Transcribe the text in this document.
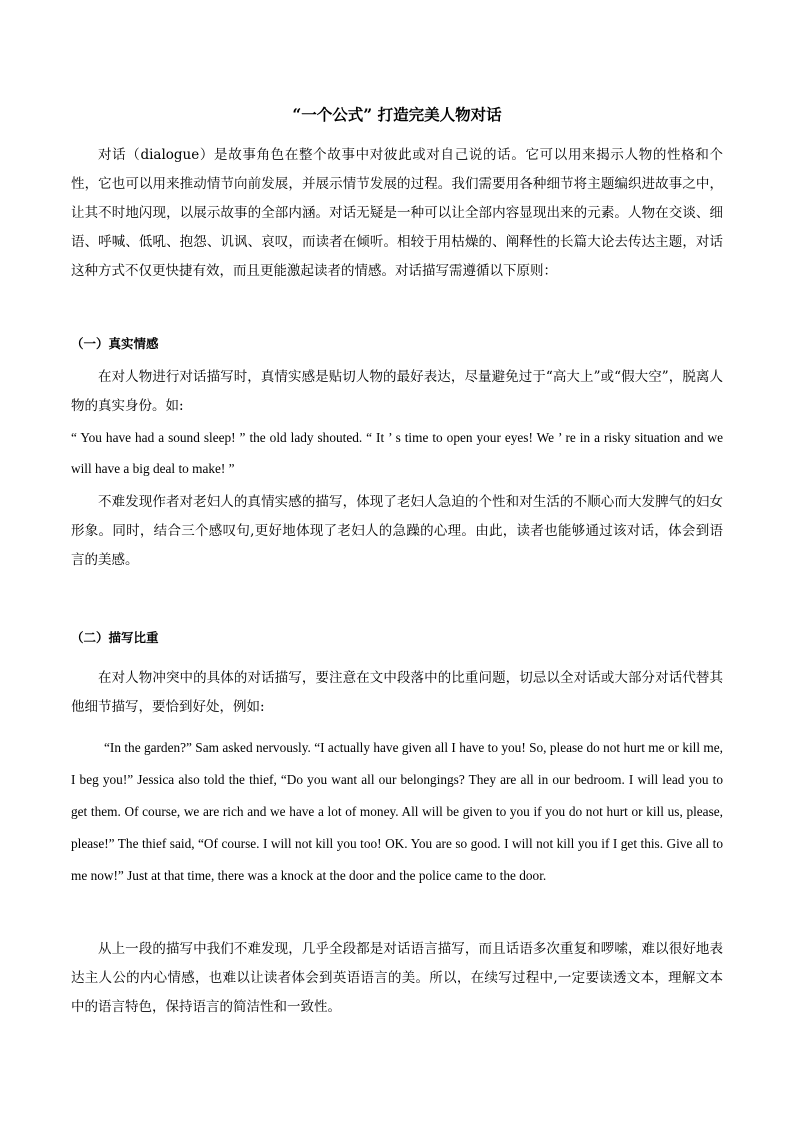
“一个公式” 打造完美人物对话
对话（dialogue）是故事角色在整个故事中对彼此或对自己说的话。它可以用来揭示人物的性格和个性，它也可以用来推动情节向前发展，并展示情节发展的过程。我们需要用各种细节将主题编织进故事之中，让其不时地闪现，以展示故事的全部内涵。对话无疑是一种可以让全部内容显现出来的元素。人物在交谈、细语、呼喊、低吼、抱怨、讥讽、哀叹，而读者在倾听。相较于用枯燥的、阐释性的长篇大论去传达主题，对话这种方式不仅更快捷有效，而且更能激起读者的情感。对话描写需遵循以下原则：
（一）真实情感
在对人物进行对话描写时，真情实感是贴切人物的最好表达，尽量避免过于“高大上”或“假大空”，脱离人物的真实身份。如:
“ You have had a sound sleep! ” the old lady shouted. “ It ’ s time to open your eyes! We ’ re in a risky situation and we will have a big deal to make! ”
不难发现作者对老妇人的真情实感的描写，体现了老妇人急迫的个性和对生活的不顺心而大发脾气的妇女形象。同时，结合三个感叹句,更好地体现了老妇人的急躁的心理。由此，读者也能够通过该对话，体会到语言的美感。
（二）描写比重
在对人物冲突中的具体的对话描写，要注意在文中段落中的比重问题，切忌以全对话或大部分对话代替其他细节描写，要恰到好处，例如:
“In the garden?” Sam asked nervously. “I actually have given all I have to you! So, please do not hurt me or kill me, I beg you!” Jessica also told the thief, “Do you want all our belongings? They are all in our bedroom. I will lead you to get them. Of course, we are rich and we have a lot of money. All will be given to you if you do not hurt or kill us, please, please!” The thief said, “Of course. I will not kill you too! OK. You are so good. I will not kill you if I get this. Give all to me now!” Just at that time, there was a knock at the door and the police came to the door.
从上一段的描写中我们不难发现，几乎全段都是对话语言描写，而且话语多次重复和啰嗦，难以很好地表达主人公的内心情感，也难以让读者体会到英语语言的美。所以，在续写过程中,一定要读透文本，理解文本中的语言特色，保持语言的简洁性和一致性。
